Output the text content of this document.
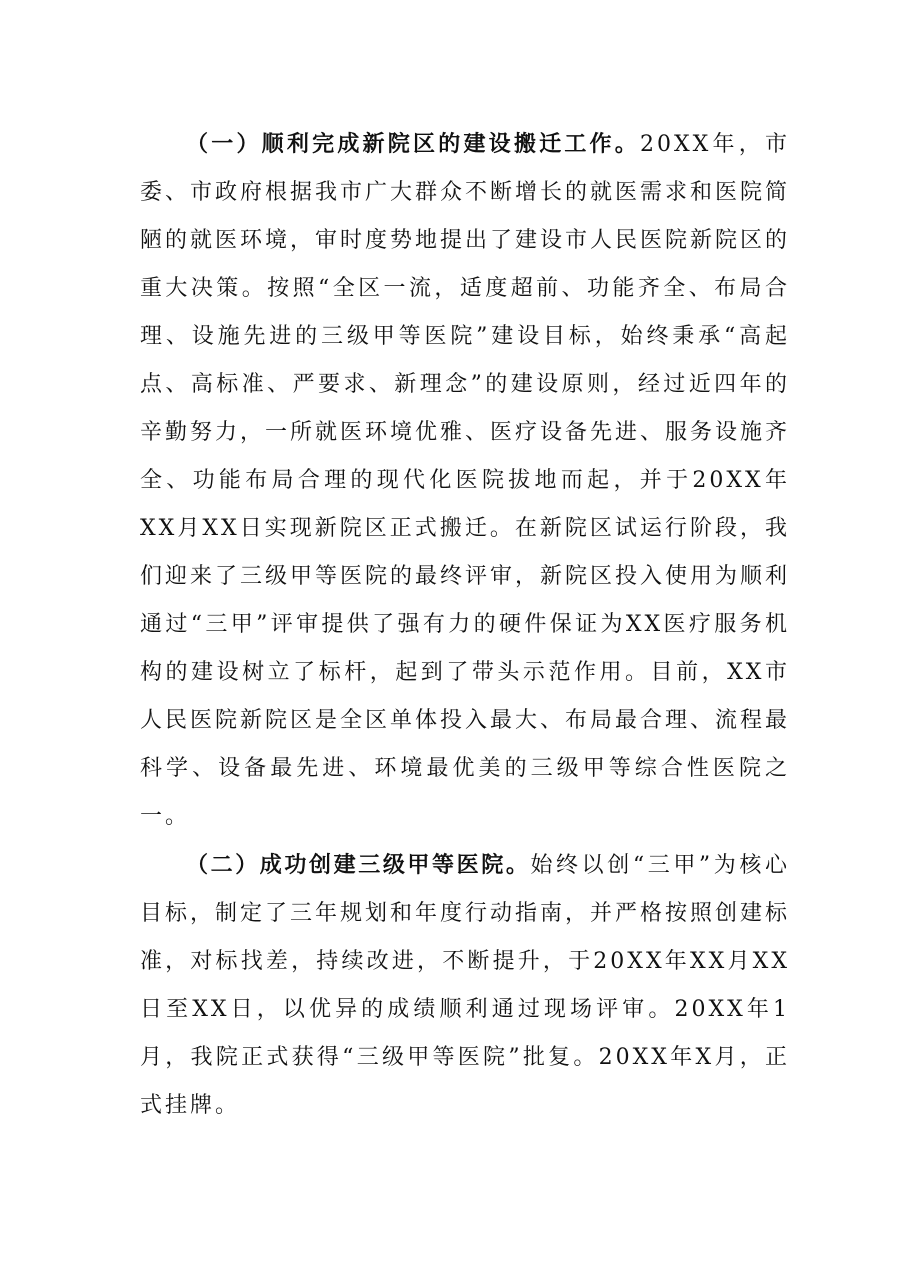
（一）顺利完成新院区的建设搬迁工作。20XX年，市委、市政府根据我市广大群众不断增长的就医需求和医院简陋的就医环境，审时度势地提出了建设市人民医院新院区的重大决策。按照“全区一流，适度超前、功能齐全、布局合理、设施先进的三级甲等医院”建设目标，始终秉承“高起点、高标准、严要求、新理念”的建设原则，经过近四年的辛勤努力，一所就医环境优雅、医疗设备先进、服务设施齐全、功能布局合理的现代化医院拔地而起，并于20XX年XX月XX日实现新院区正式搬迁。在新院区试运行阶段，我们迎来了三级甲等医院的最终评审，新院区投入使用为顺利通过“三甲”评审提供了强有力的硬件保证为XX医疗服务机构的建设树立了标杆，起到了带头示范作用。目前，XX市人民医院新院区是全区单体投入最大、布局最合理、流程最科学、设备最先进、环境最优美的三级甲等综合性医院之一。

（二）成功创建三级甲等医院。始终以创“三甲”为核心目标，制定了三年规划和年度行动指南，并严格按照创建标准，对标找差，持续改进，不断提升，于20XX年XX月XX日至XX日，以优异的成绩顺利通过现场评审。20XX年1月，我院正式获得“三级甲等医院”批复。20XX年X月，正式挂牌。
